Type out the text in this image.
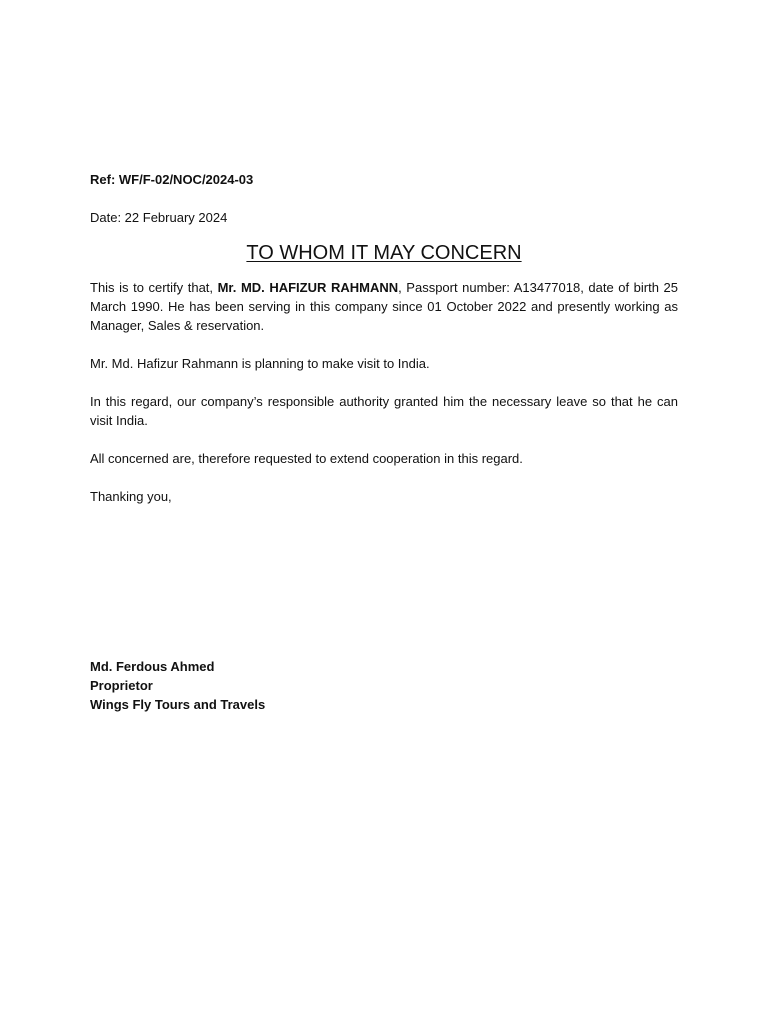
Ref: WF/F-02/NOC/2024-03

Date: 22 February 2024

TO WHOM IT MAY CONCERN

This is to certify that, Mr. MD. HAFIZUR RAHMANN, Passport number: A13477018, date of birth 25 March 1990. He has been serving in this company since 01 October 2022 and presently working as Manager, Sales & reservation.

Mr. Md. Hafizur Rahmann is planning to make visit to India.

In this regard, our company’s responsible authority granted him the necessary leave so that he can visit India.

All concerned are, therefore requested to extend cooperation in this regard.

Thanking you,

Md. Ferdous Ahmed
Proprietor
Wings Fly Tours and Travels
